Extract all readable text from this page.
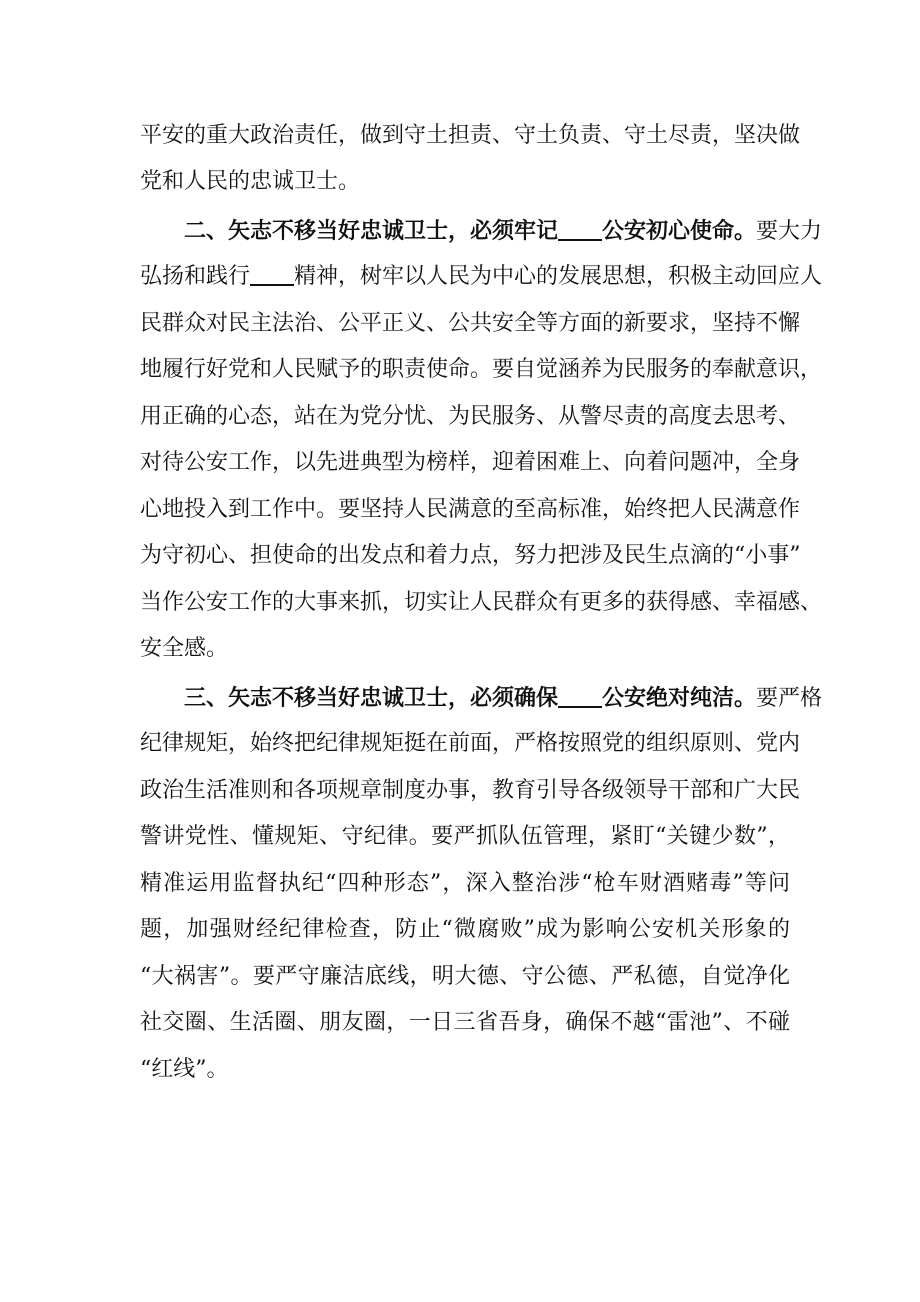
平安的重大政治责任，做到守土担责、守土负责、守土尽责，坚决做
党和人民的忠诚卫士。
二、矢志不移当好忠诚卫士，必须牢记 公安初心使命。要大力
弘扬和践行 精神，树牢以人民为中心的发展思想，积极主动回应人
民群众对民主法治、公平正义、公共安全等方面的新要求，坚持不懈
地履行好党和人民赋予的职责使命。要自觉涵养为民服务的奉献意识，
用正确的心态，站在为党分忧、为民服务、从警尽责的高度去思考、
对待公安工作，以先进典型为榜样，迎着困难上、向着问题冲，全身
心地投入到工作中。要坚持人民满意的至高标准，始终把人民满意作
为守初心、担使命的出发点和着力点，努力把涉及民生点滴的“小事”
当作公安工作的大事来抓，切实让人民群众有更多的获得感、幸福感、
安全感。
三、矢志不移当好忠诚卫士，必须确保 公安绝对纯洁。要严格
纪律规矩，始终把纪律规矩挺在前面，严格按照党的组织原则、党内
政治生活准则和各项规章制度办事，教育引导各级领导干部和广大民
警讲党性、懂规矩、守纪律。要严抓队伍管理，紧盯“关键少数”，
精准运用监督执纪“四种形态”，深入整治涉“枪车财酒赌毒”等问
题，加强财经纪律检查，防止“微腐败”成为影响公安机关形象的
“大祸害”。要严守廉洁底线，明大德、守公德、严私德，自觉净化
社交圈、生活圈、朋友圈，一日三省吾身，确保不越“雷池”、不碰
“红线”。
